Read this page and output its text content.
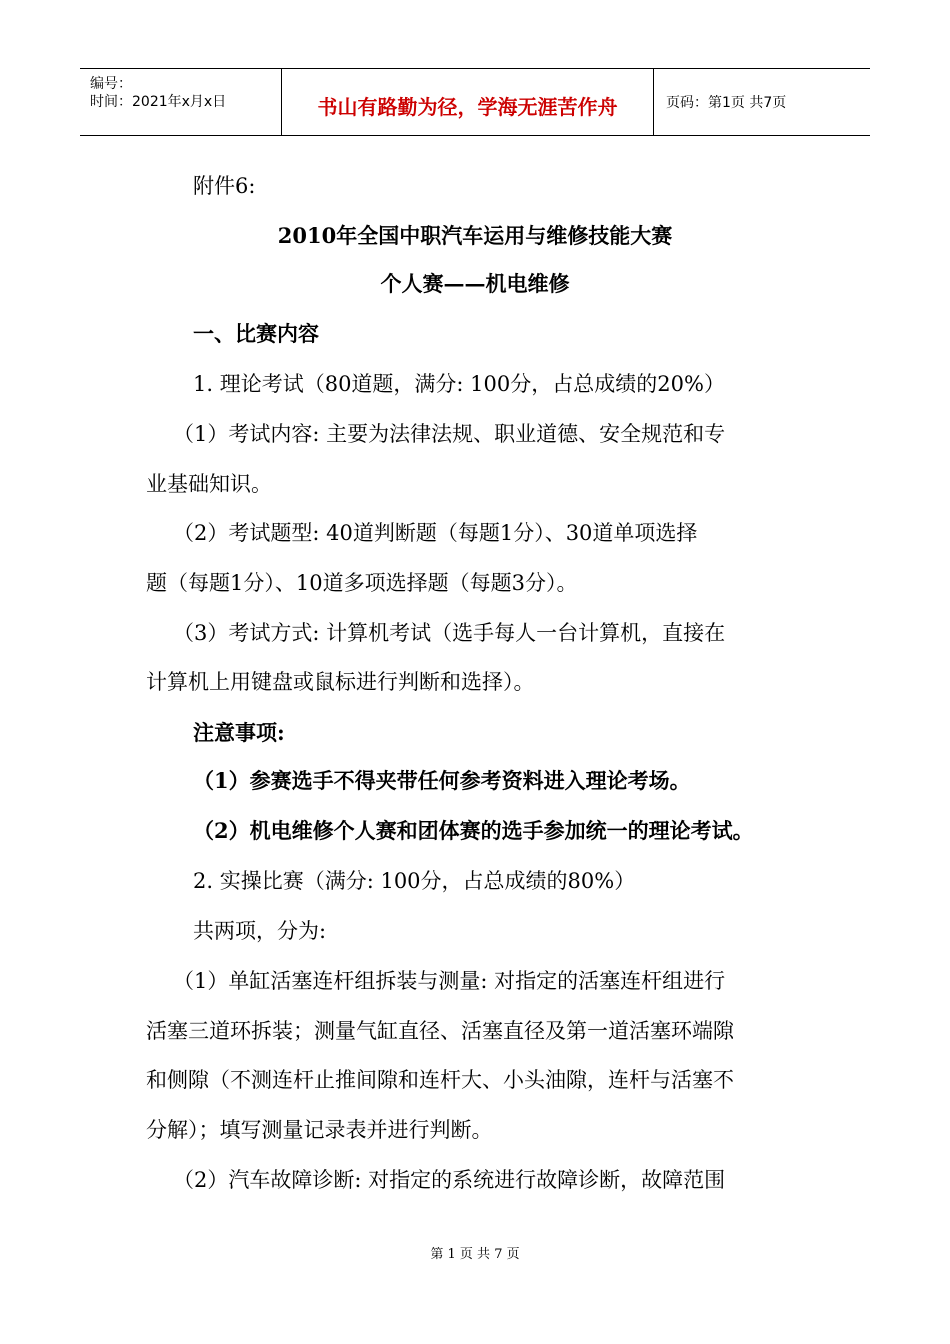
编号：
时间：2021年x月x日	书山有路勤为径，学海无涯苦作舟	页码：第1页 共7页
附件6:
2010年全国中职汽车运用与维修技能大赛
个人赛——机电维修
一、比赛内容
1. 理论考试（80道题，满分: 100分，占总成绩的20%）
（1）考试内容: 主要为法律法规、职业道德、安全规范和专
业基础知识。
（2）考试题型: 40道判断题（每题1分）、30道单项选择
题（每题1分）、10道多项选择题（每题3分）。
（3）考试方式: 计算机考试（选手每人一台计算机，直接在
计算机上用键盘或鼠标进行判断和选择）。
注意事项:
（1）参赛选手不得夹带任何参考资料进入理论考场。
（2）机电维修个人赛和团体赛的选手参加统一的理论考试。
2. 实操比赛（满分: 100分，占总成绩的80%）
共两项，分为:
（1）单缸活塞连杆组拆装与测量: 对指定的活塞连杆组进行
活塞三道环拆装；测量气缸直径、活塞直径及第一道活塞环端隙
和侧隙（不测连杆止推间隙和连杆大、小头油隙，连杆与活塞不
分解）；填写测量记录表并进行判断。
（2）汽车故障诊断: 对指定的系统进行故障诊断，故障范围
第 1 页 共 7 页
